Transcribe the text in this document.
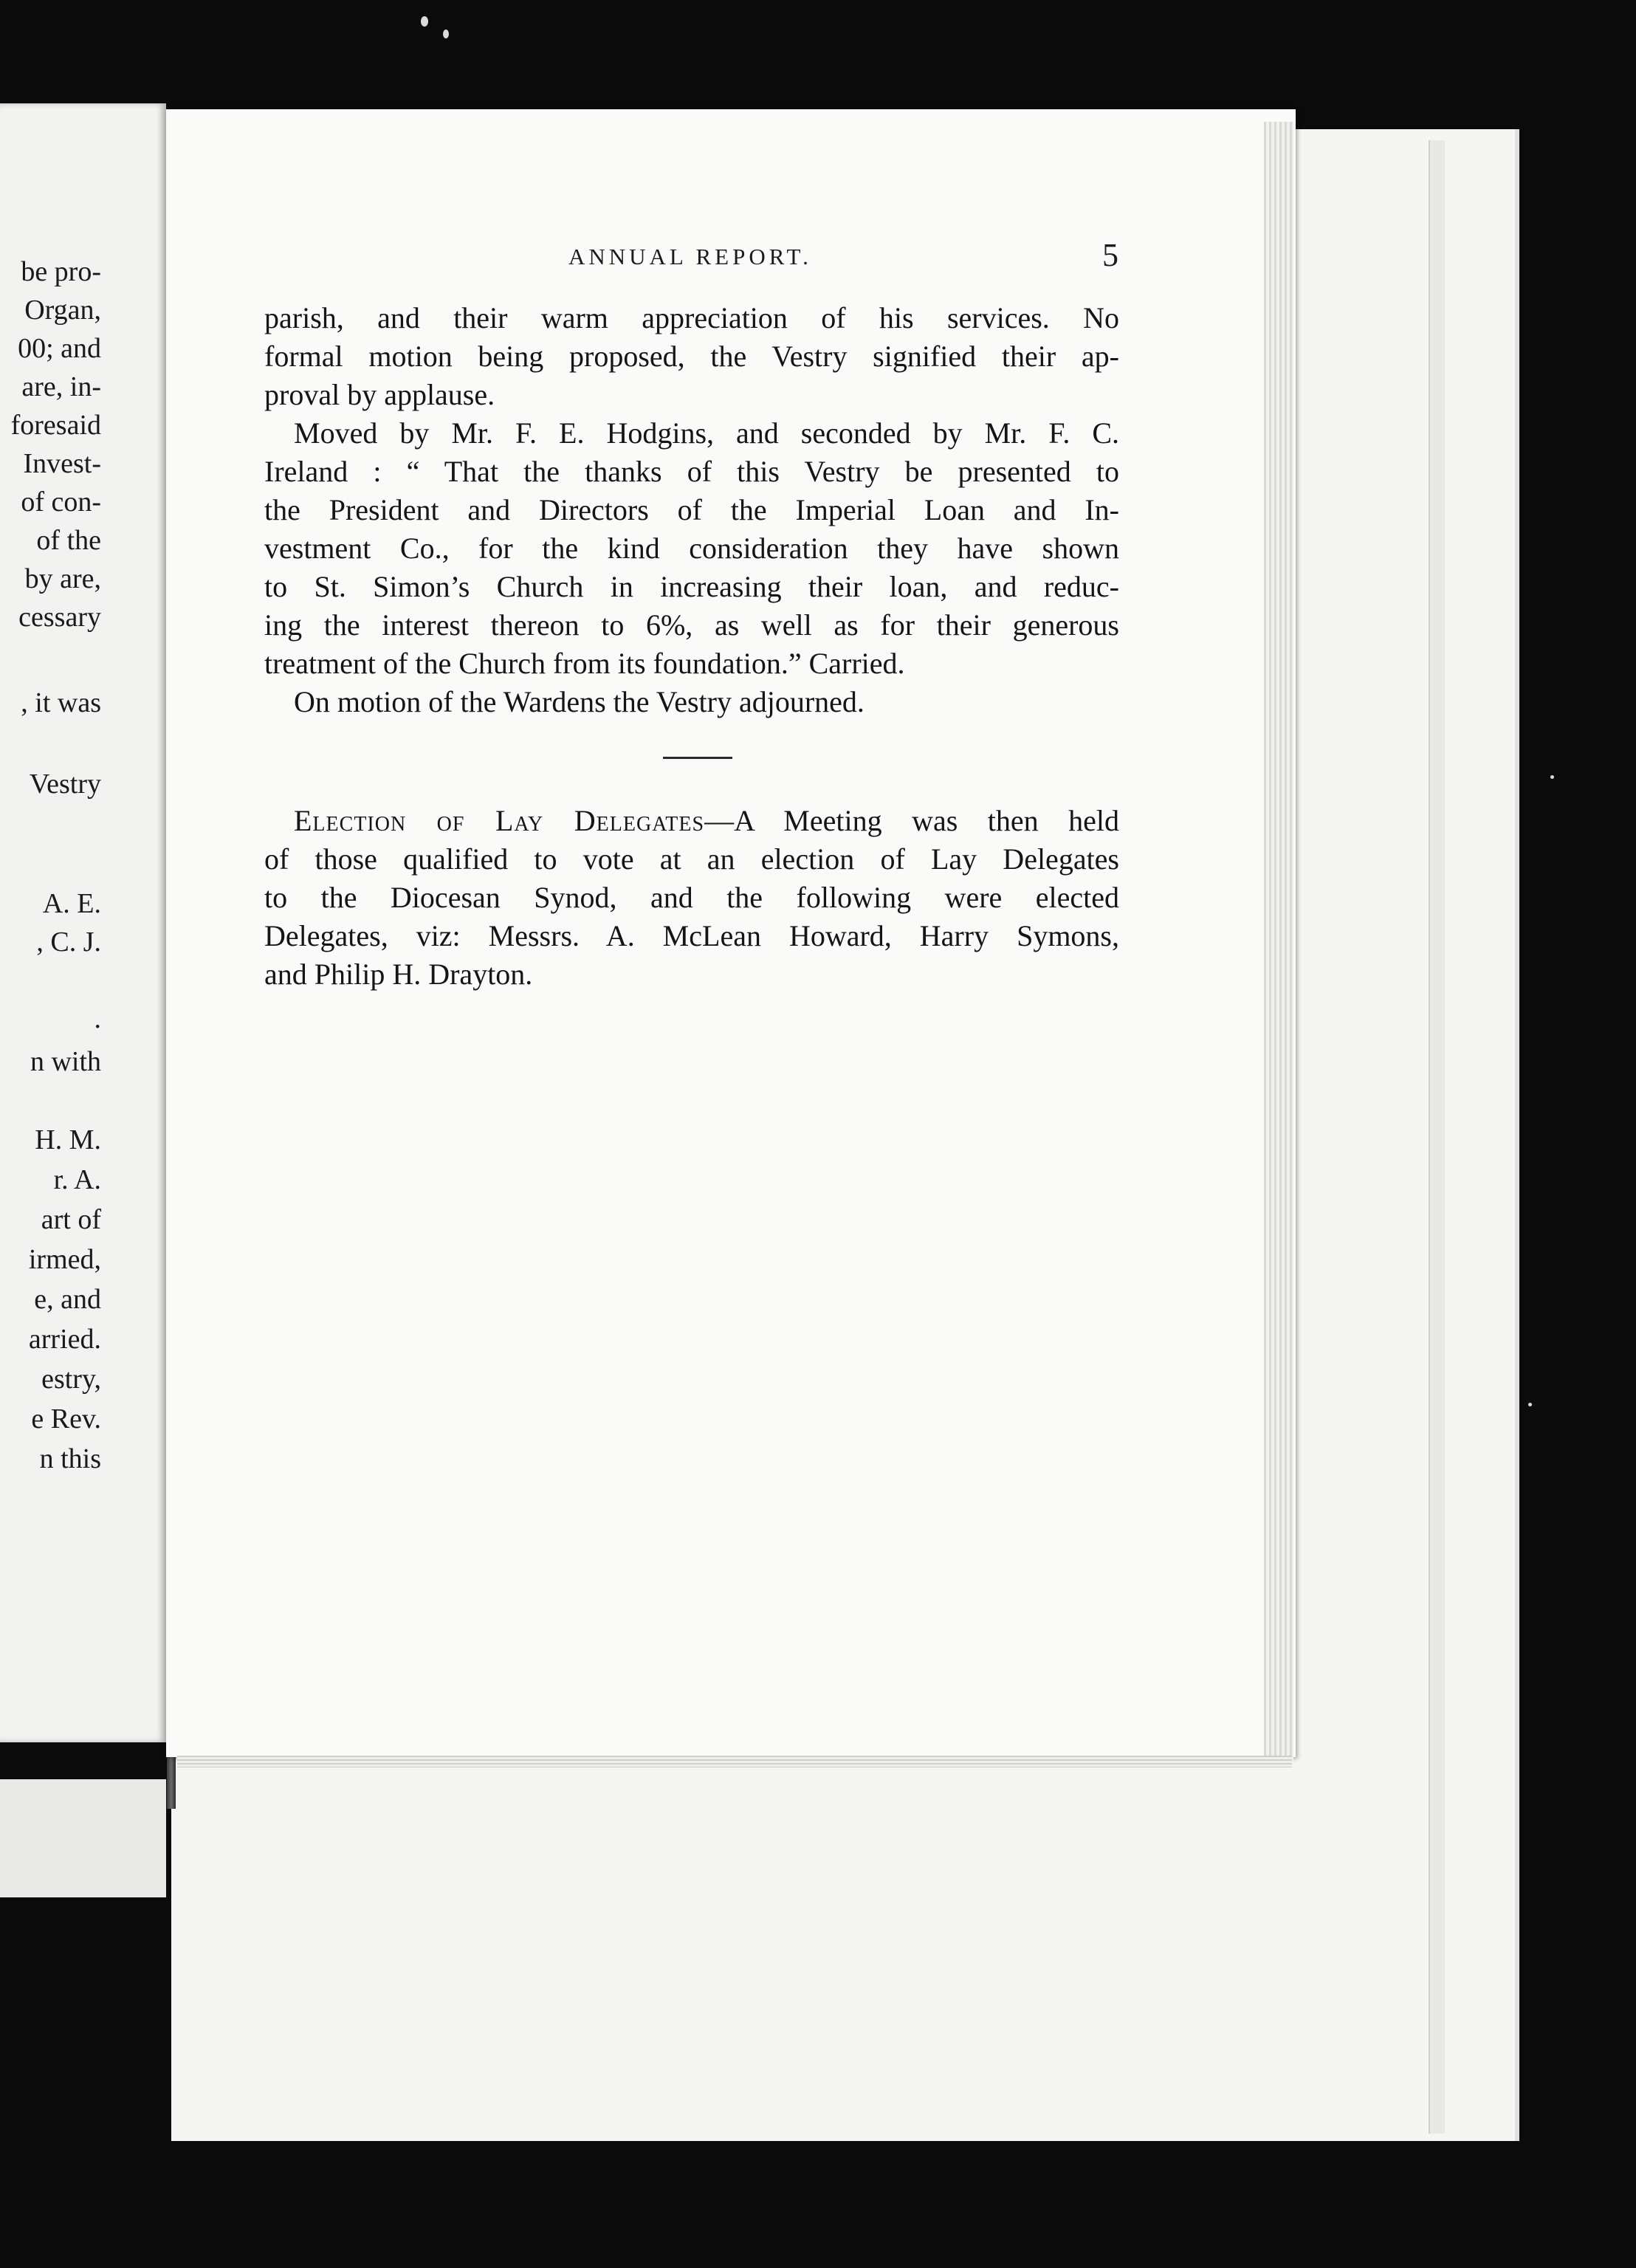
be pro-
Organ,
00; and
are, in-
foresaid
Invest-
of con-
of the
by are,
cessary
, it was
Vestry
A. E.
, C. J.
.
n with
H. M.
r. A.
art of
irmed,
e, and
arried.
estry,
e Rev.
n this
ANNUAL REPORT.	5
parish, and their warm appreciation of his services. No
formal motion being proposed, the Vestry signified their ap-
proval by applause.
Moved by Mr. F. E. Hodgins, and seconded by Mr. F. C.
Ireland : “ That the thanks of this Vestry be presented to
the President and Directors of the Imperial Loan and In-
vestment Co., for the kind consideration they have shown
to St. Simon’s Church in increasing their loan, and reduc-
ing the interest thereon to 6%, as well as for their generous
treatment of the Church from its foundation.” Carried.
On motion of the Wardens the Vestry adjourned.
Election of Lay Delegates—A Meeting was then held
of those qualified to vote at an election of Lay Delegates
to the Diocesan Synod, and the following were elected
Delegates, viz: Messrs. A. McLean Howard, Harry Symons,
and Philip H. Drayton.
